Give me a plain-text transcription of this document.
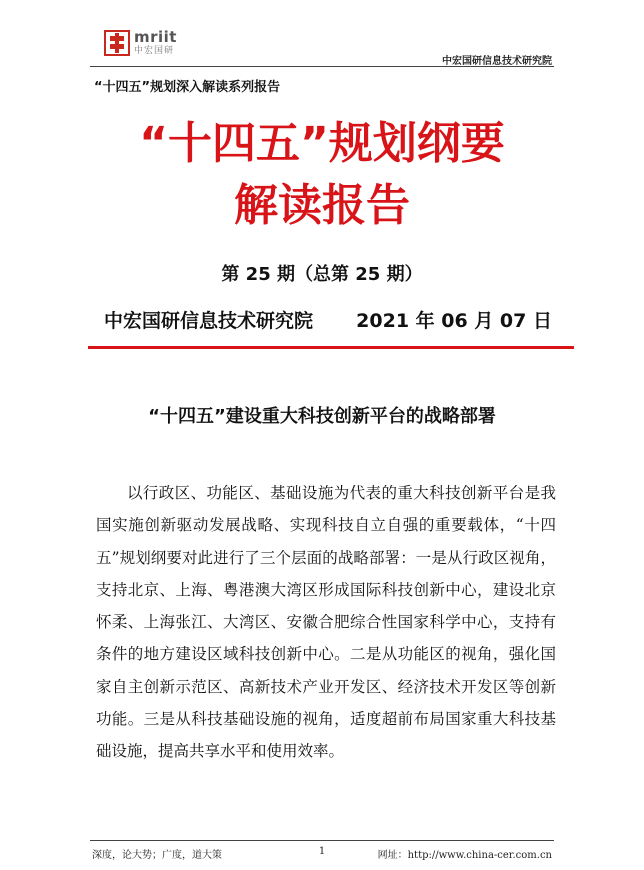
mriit
中宏国研
中宏国研信息技术研究院
“十四五”规划深入解读系列报告
“十四五”规划纲要
解读报告
第 25 期（总第 25 期）
中宏国研信息技术研究院 2021 年 06 月 07 日
“十四五”建设重大科技创新平台的战略部署

以行政区、功能区、基础设施为代表的重大科技创新平台是我国实施创新驱动发展战略、实现科技自立自强的重要载体，“十四五”规划纲要对此进行了三个层面的战略部署：一是从行政区视角，支持北京、上海、粤港澳大湾区形成国际科技创新中心，建设北京怀柔、上海张江、大湾区、安徽合肥综合性国家科学中心，支持有条件的地方建设区域科技创新中心。二是从功能区的视角，强化国家自主创新示范区、高新技术产业开发区、经济技术开发区等创新功能。三是从科技基础设施的视角，适度超前布局国家重大科技基础设施，提高共享水平和使用效率。

深度，论大势；广度，道大策	1	网址：http://www.china-cer.com.cn
